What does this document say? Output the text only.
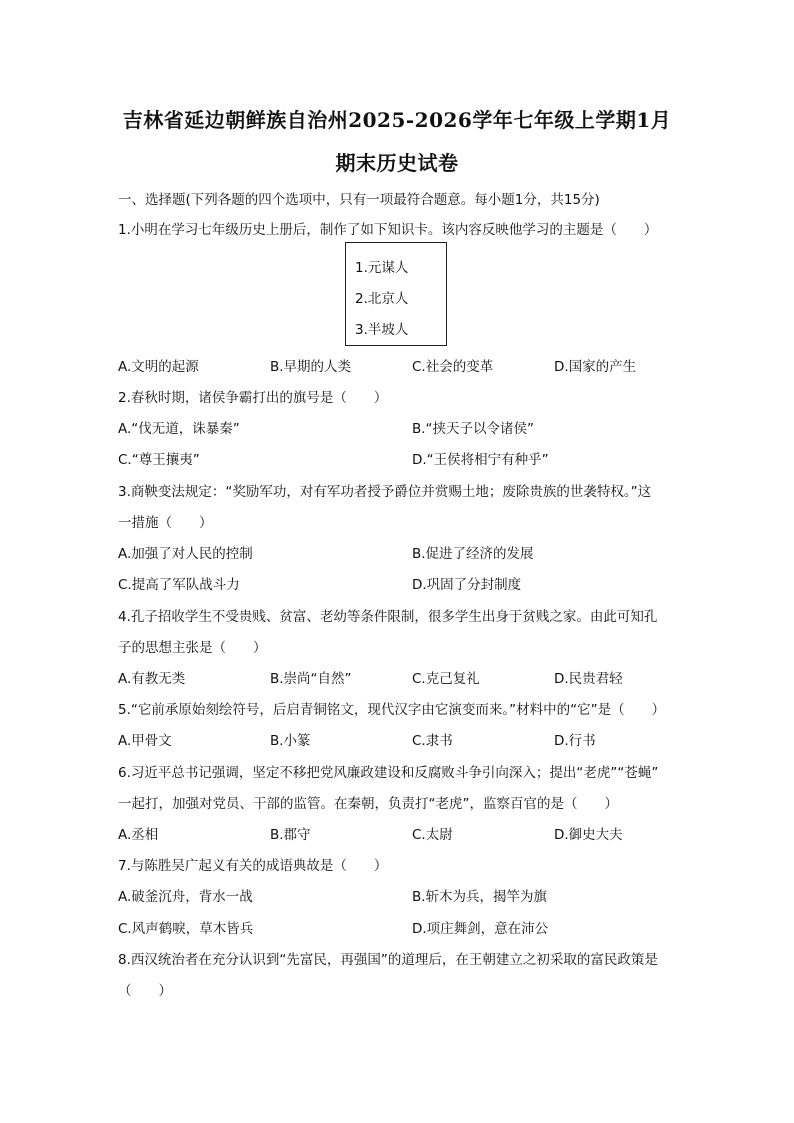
吉林省延边朝鲜族自治州2025-2026学年七年级上学期1月
期末历史试卷
一、选择题(下列各题的四个选项中，只有一项最符合题意。每小题1分，共15分)
1.小明在学习七年级历史上册后，制作了如下知识卡。该内容反映他学习的主题是（　　）
1.元谋人
2.北京人
3.半坡人
A.文明的起源	B.早期的人类	C.社会的变革	D.国家的产生
2.春秋时期，诸侯争霸打出的旗号是（　　）
A.“伐无道，诛暴秦”	B.“挟天子以令诸侯”
C.“尊王攘夷”	D.“王侯将相宁有种乎”
3.商鞅变法规定：“奖励军功，对有军功者授予爵位并赏赐土地；废除贵族的世袭特权。”这
一措施（　　）
A.加强了对人民的控制	B.促进了经济的发展
C.提高了军队战斗力	D.巩固了分封制度
4.孔子招收学生不受贵贱、贫富、老幼等条件限制，很多学生出身于贫贱之家。由此可知孔
子的思想主张是（　　）
A.有教无类	B.崇尚“自然”	C.克己复礼	D.民贵君轻
5.“它前承原始刻绘符号，后启青铜铭文，现代汉字由它演变而来。”材料中的“它”是（　　）
A.甲骨文	B.小篆	C.隶书	D.行书
6.习近平总书记强调，坚定不移把党风廉政建设和反腐败斗争引向深入；提出“老虎”“苍蝇”
一起打，加强对党员、干部的监管。在秦朝，负责打“老虎”，监察百官的是（　　）
A.丞相	B.郡守	C.太尉	D.御史大夫
7.与陈胜吴广起义有关的成语典故是（　　）
A.破釜沉舟，背水一战	B.斩木为兵，揭竿为旗
C.风声鹤唳，草木皆兵	D.项庄舞剑，意在沛公
8.西汉统治者在充分认识到“先富民，再强国”的道理后，在王朝建立之初采取的富民政策是
（　　）
